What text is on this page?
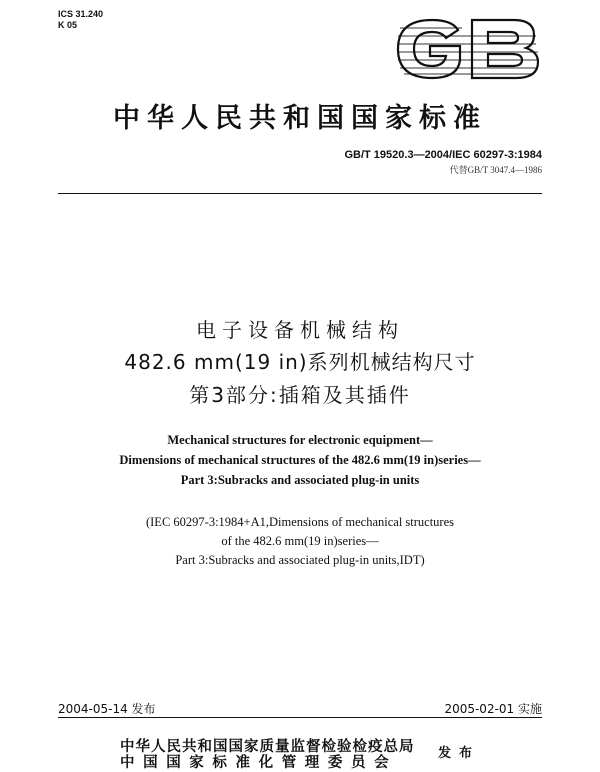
ICS 31.240
K 05
中华人民共和国国家标准
GB/T 19520.3—2004/IEC 60297-3:1984
代替GB/T 3047.4—1986
电子设备机械结构
482.6 mm(19 in)系列机械结构尺寸
第3部分:插箱及其插件
Mechanical structures for electronic equipment—
Dimensions of mechanical structures of the 482.6 mm(19 in)series—
Part 3:Subracks and associated plug-in units
(IEC 60297-3:1984+A1,Dimensions of mechanical structures
of the 482.6 mm(19 in)series—
Part 3:Subracks and associated plug-in units,IDT)
2004-05-14 发布	2005-02-01 实施
中华人民共和国国家质量监督检验检疫总局
中国国家标准化管理委员会
发布
